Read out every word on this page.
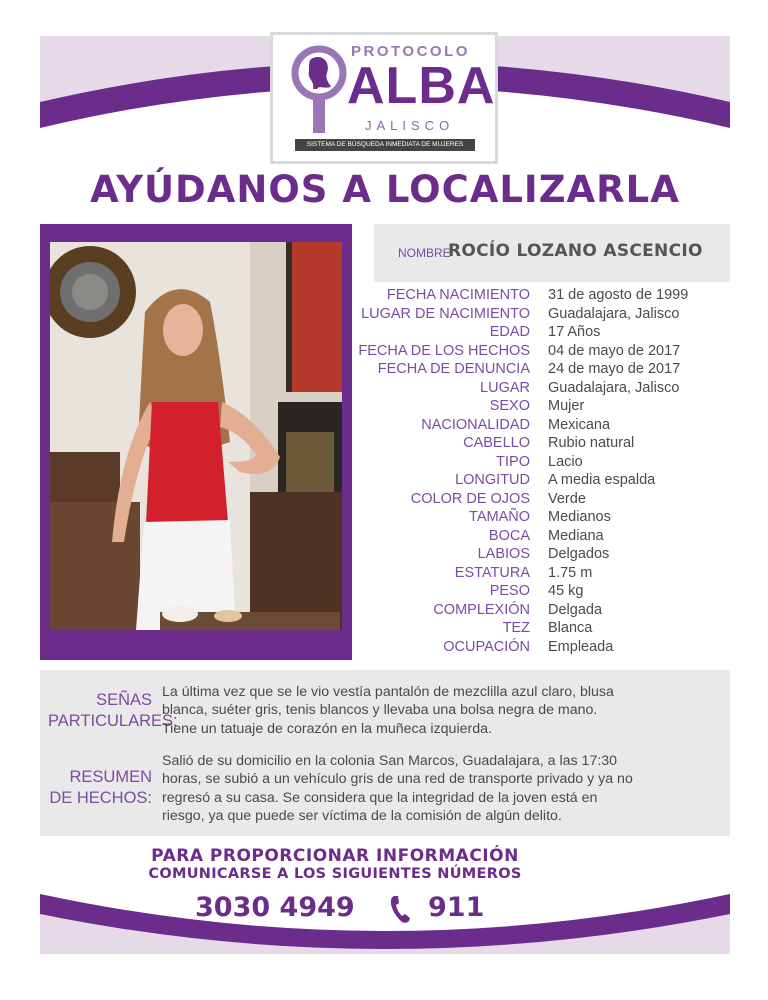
PROTOCOLO
ALBA
JALISCO
SISTEMA DE BÚSQUEDA INMEDIATA DE MUJERES
AYÚDANOS A LOCALIZARLA
NOMBRE
ROCÍO LOZANO ASCENCIO
FECHA NACIMIENTO 31 de agosto de 1999
LUGAR DE NACIMIENTO Guadalajara, Jalisco
EDAD 17 Años
FECHA DE LOS HECHOS 04 de mayo de 2017
FECHA DE DENUNCIA 24 de mayo de 2017
LUGAR Guadalajara, Jalisco
SEXO Mujer
NACIONALIDAD Mexicana
CABELLO Rubio natural
TIPO Lacio
LONGITUD A media espalda
COLOR DE OJOS Verde
TAMAÑO Medianos
BOCA Mediana
LABIOS Delgados
ESTATURA 1.75 m
PESO 45 kg
COMPLEXIÓN Delgada
TEZ Blanca
OCUPACIÓN Empleada
SEÑAS
PARTICULARES:
La última vez que se le vio vestía pantalón de mezclilla azul claro, blusa
blanca, suéter gris, tenis blancos y llevaba una bolsa negra de mano.
Tiene un tatuaje de corazón en la muñeca izquierda.
RESUMEN
DE HECHOS:
Salió de su domicilio en la colonia San Marcos, Guadalajara, a las 17:30
horas, se subió a un vehículo gris de una red de transporte privado y ya no
regresó a su casa. Se considera que la integridad de la joven está en
riesgo, ya que puede ser víctima de la comisión de algún delito.
PARA PROPORCIONAR INFORMACIÓN
COMUNICARSE A LOS SIGUIENTES NÚMEROS
3030 4949	911
